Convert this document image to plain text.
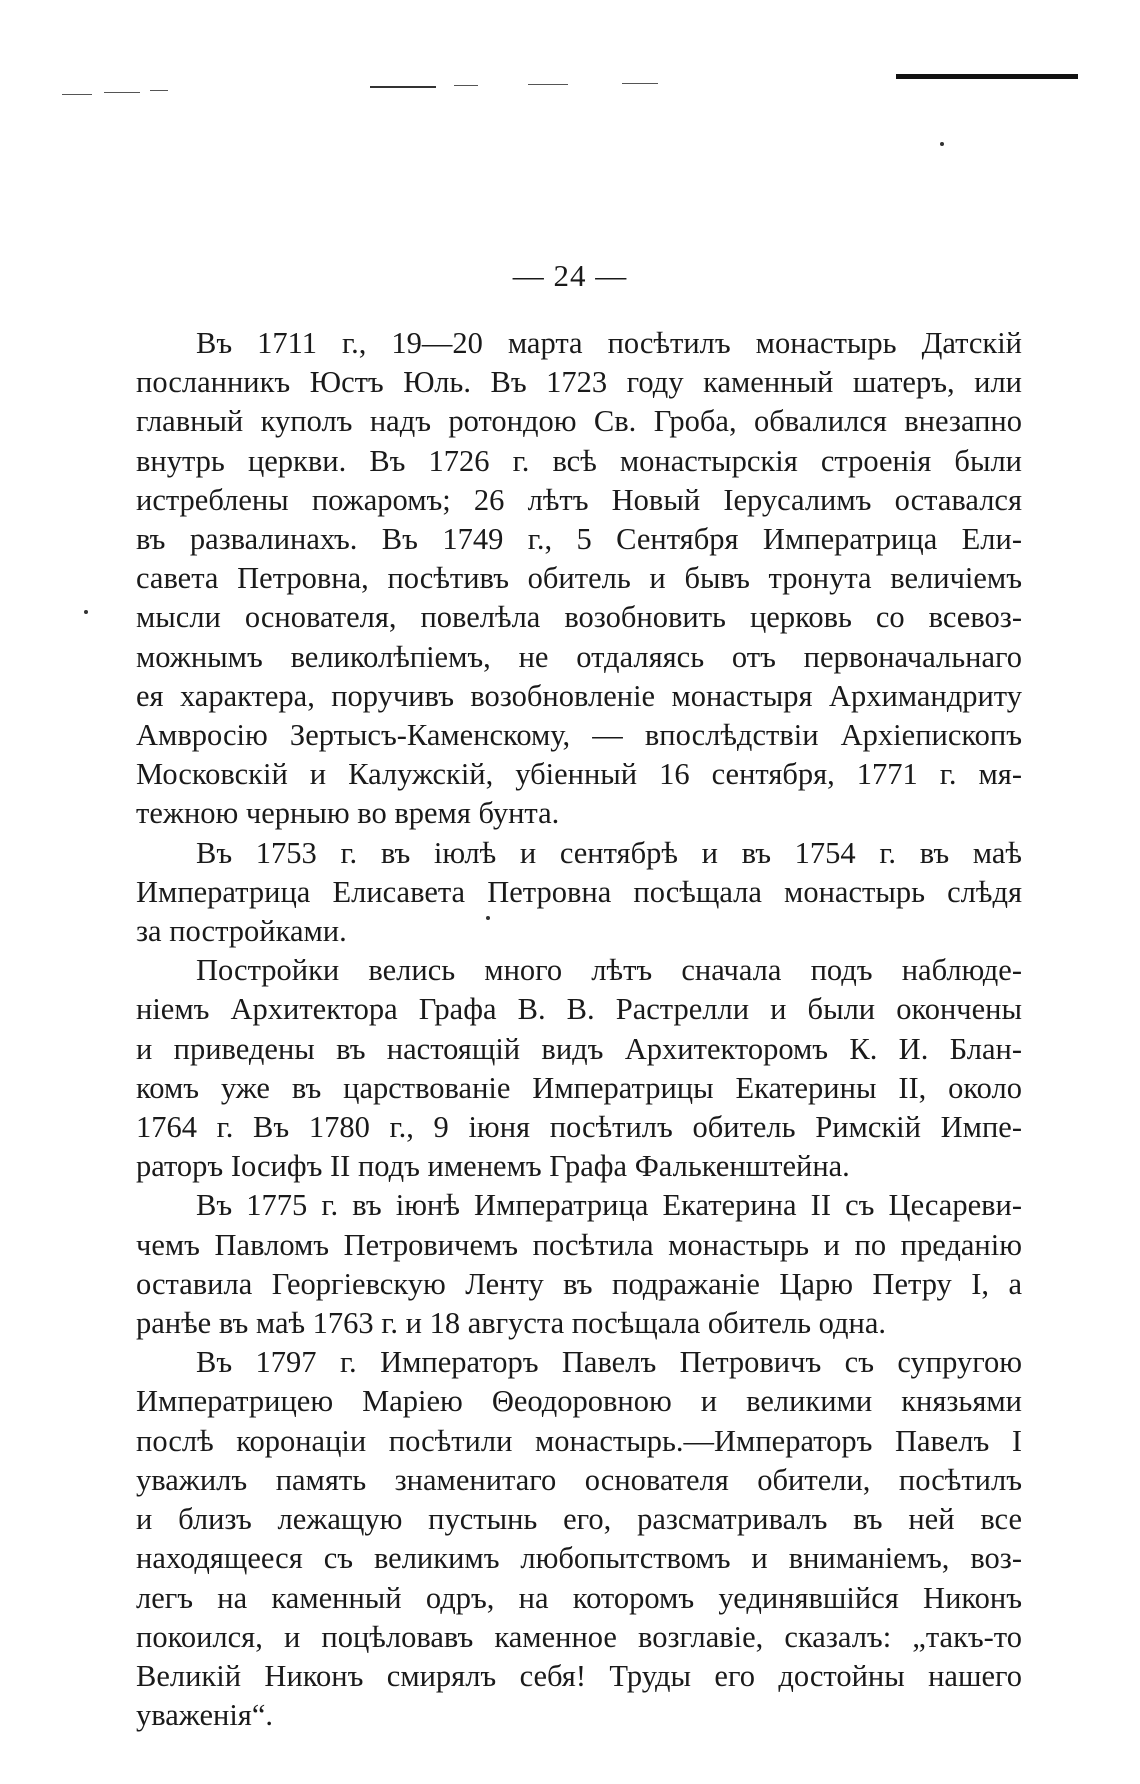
— 24 —
Въ 1711 г., 19—20 марта посѣтилъ монастырь Датскій
посланникъ Юстъ Юль. Въ 1723 году каменный шатеръ, или
главный куполъ надъ ротондою Св. Гроба, обвалился внезапно
внутрь церкви. Въ 1726 г. всѣ монастырскія строенія были
истреблены пожаромъ; 26 лѣтъ Новый Іерусалимъ оставался
въ развалинахъ. Въ 1749 г., 5 Сентября Императрица Ели-
савета Петровна, посѣтивъ обитель и бывъ тронута величіемъ
мысли основателя, повелѣла возобновить церковь со всевоз-
можнымъ великолѣпіемъ, не отдаляясь отъ первоначальнаго
ея характера, поручивъ возобновленіе монастыря Архимандриту
Амвросію Зертысъ-Каменскому, — впослѣдствіи Архіепископъ
Московскій и Калужскій, убіенный 16 сентября, 1771 г. мя-
тежною черныю во время бунта.
Въ 1753 г. въ іюлѣ и сентябрѣ и въ 1754 г. въ маѣ
Императрица Елисавета Петровна посѣщала монастырь слѣдя
за постройками.
Постройки велись много лѣтъ сначала подъ наблюде-
ніемъ Архитектора Графа В. В. Растрелли и были окончены
и приведены въ настоящій видъ Архитекторомъ К. И. Блан-
комъ уже въ царствованіе Императрицы Екатерины II, около
1764 г. Въ 1780 г., 9 іюня посѣтилъ обитель Римскій Импе-
раторъ Іосифъ II подъ именемъ Графа Фалькенштейна.
Въ 1775 г. въ іюнѣ Императрица Екатерина II съ Цесареви-
чемъ Павломъ Петровичемъ посѣтила монастырь и по преданію
оставила Георгіевскую Ленту въ подражаніе Царю Петру I, а
ранѣе въ маѣ 1763 г. и 18 августа посѣщала обитель одна.
Въ 1797 г. Императоръ Павелъ Петровичъ съ супругою
Императрицею Маріею Θеодоровною и великими князьями
послѣ коронаціи посѣтили монастырь.—Императоръ Павелъ I
уважилъ память знаменитаго основателя обители, посѣтилъ
и близъ лежащую пустынь его, разсматривалъ въ ней все
находящееся съ великимъ любопытствомъ и вниманіемъ, воз-
легъ на каменный одръ, на которомъ уединявшійся Никонъ
покоился, и поцѣловавъ каменное возглавіе, сказалъ: „такъ-то
Великій Никонъ смирялъ себя! Труды его достойны нашего
уваженія“.
